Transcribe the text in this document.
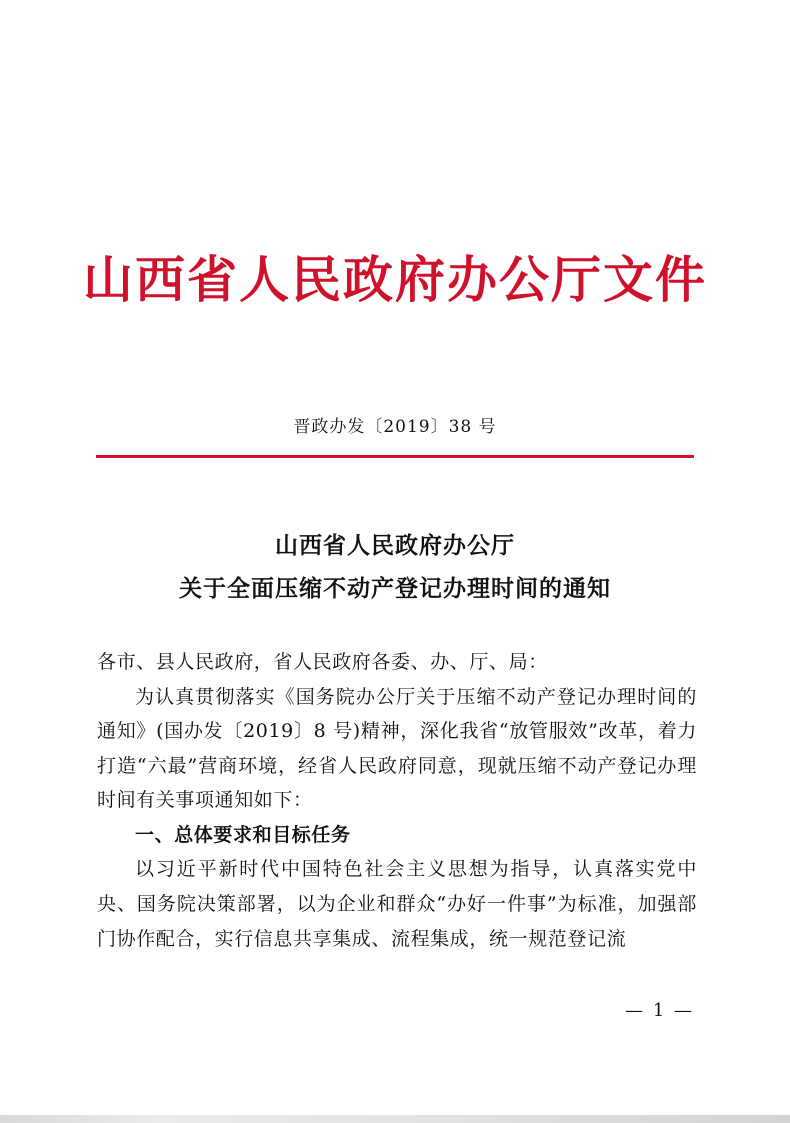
山西省人民政府办公厅文件
晋政办发〔2019〕38 号
山西省人民政府办公厅
关于全面压缩不动产登记办理时间的通知

各市、县人民政府，省人民政府各委、办、厅、局：

为认真贯彻落实《国务院办公厅关于压缩不动产登记办理时间的通知》(国办发〔2019〕8 号)精神，深化我省“放管服效”改革，着力打造“六最”营商环境，经省人民政府同意，现就压缩不动产登记办理时间有关事项通知如下：

一、总体要求和目标任务

以习近平新时代中国特色社会主义思想为指导，认真落实党中央、国务院决策部署，以为企业和群众“办好一件事”为标准，加强部门协作配合，实行信息共享集成、流程集成，统一规范登记流

— 1 —
